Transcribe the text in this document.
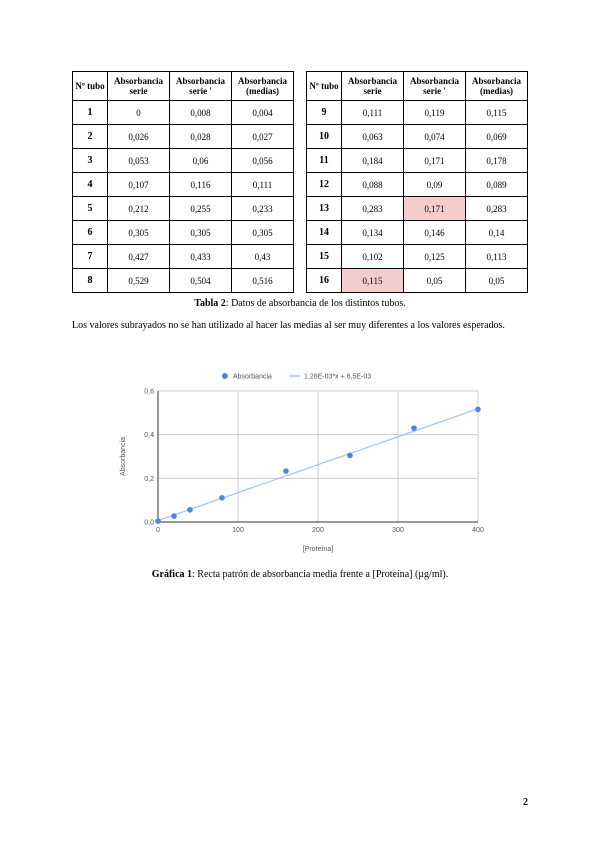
Nº tubo	Absorbancia serie	Absorbancia serie '	Absorbancia (medias)
1	0	0,008	0,004
2	0,026	0,028	0,027
3	0,053	0,06	0,056
4	0,107	0,116	0,111
5	0,212	0,255	0,233
6	0,305	0,305	0,305
7	0,427	0,433	0,43
8	0,529	0,504	0,516
Nº tubo	Absorbancia serie	Absorbancia serie '	Absorbancia (medias)
9	0,111	0,119	0,115
10	0,063	0,074	0,069
11	0,184	0,171	0,178
12	0,088	0,09	0,089
13	0,283	0,171	0,283
14	0,134	0,146	0,14
15	0,102	0,125	0,113
16	0,115	0,05	0,05
Tabla 2: Datos de absorbancia de los distintos tubos.
Los valores subrayados no se han utilizado al hacer las medias al ser muy diferentes a los valores esperados.
0,0
0,2
0,4
0,6
0	100	200	300	400
[Proteína]
Absorbancia
Absorbancia	1,28E-03*x + 6,5E-03
Gráfica 1: Recta patrón de absorbancia media frente a [Proteína] (µg/ml).
2
